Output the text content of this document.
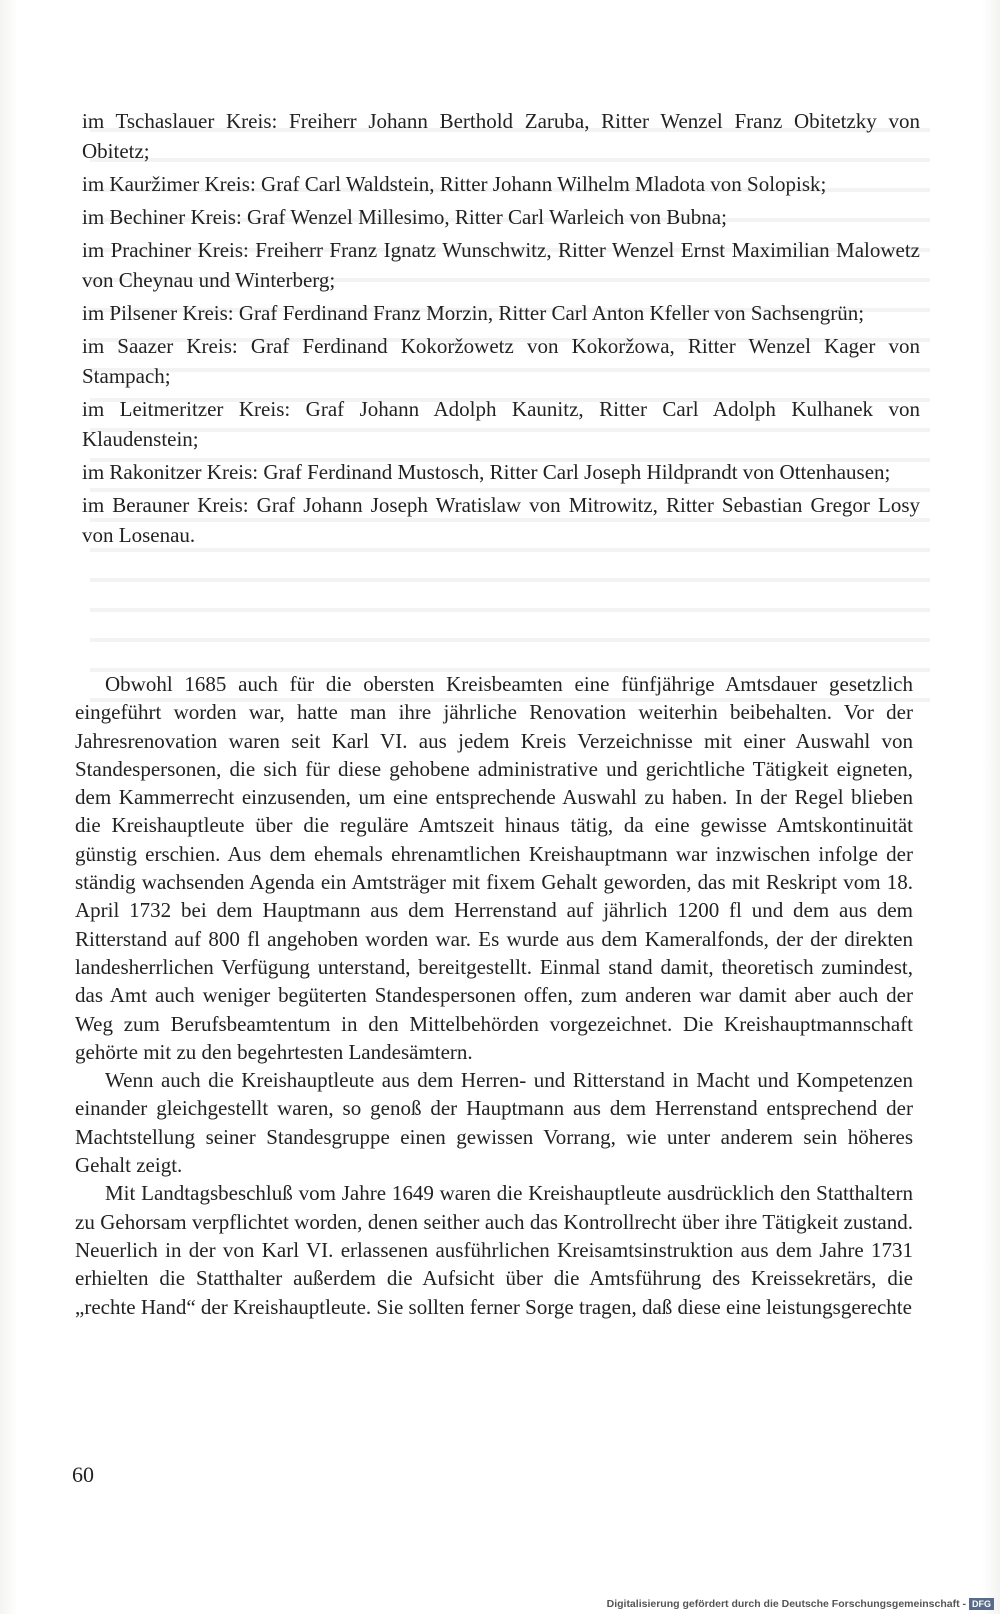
im Tschaslauer Kreis: Freiherr Johann Berthold Zaruba, Ritter Wenzel Franz Obitetzky von Obitetz;

im Kauržimer Kreis: Graf Carl Waldstein, Ritter Johann Wilhelm Mladota von Solopisk;

im Bechiner Kreis: Graf Wenzel Millesimo, Ritter Carl Warleich von Bubna;

im Prachiner Kreis: Freiherr Franz Ignatz Wunschwitz, Ritter Wenzel Ernst Maximilian Malowetz von Cheynau und Winterberg;

im Pilsener Kreis: Graf Ferdinand Franz Morzin, Ritter Carl Anton Kfeller von Sachsengrün;

im Saazer Kreis: Graf Ferdinand Kokoržowetz von Kokoržowa, Ritter Wenzel Kager von Stampach;

im Leitmeritzer Kreis: Graf Johann Adolph Kaunitz, Ritter Carl Adolph Kulhanek von Klaudenstein;

im Rakonitzer Kreis: Graf Ferdinand Mustosch, Ritter Carl Joseph Hildprandt von Ottenhausen;

im Berauner Kreis: Graf Johann Joseph Wratislaw von Mitrowitz, Ritter Sebastian Gregor Losy von Losenau.

Obwohl 1685 auch für die obersten Kreisbeamten eine fünfjährige Amtsdauer gesetzlich eingeführt worden war, hatte man ihre jährliche Renovation weiterhin beibehalten. Vor der Jahresrenovation waren seit Karl VI. aus jedem Kreis Verzeichnisse mit einer Auswahl von Standespersonen, die sich für diese gehobene administrative und gerichtliche Tätigkeit eigneten, dem Kammerrecht einzusenden, um eine entsprechende Auswahl zu haben. In der Regel blieben die Kreishauptleute über die reguläre Amtszeit hinaus tätig, da eine gewisse Amtskontinuität günstig erschien. Aus dem ehemals ehrenamtlichen Kreishauptmann war inzwischen infolge der ständig wachsenden Agenda ein Amtsträger mit fixem Gehalt geworden, das mit Reskript vom 18. April 1732 bei dem Hauptmann aus dem Herrenstand auf jährlich 1200 fl und dem aus dem Ritterstand auf 800 fl angehoben worden war. Es wurde aus dem Kameralfonds, der der direkten landesherrlichen Verfügung unterstand, bereitgestellt. Einmal stand damit, theoretisch zumindest, das Amt auch weniger begüterten Standespersonen offen, zum anderen war damit aber auch der Weg zum Berufsbeamtentum in den Mittelbehörden vorgezeichnet. Die Kreishauptmannschaft gehörte mit zu den begehrtesten Landesämtern.

Wenn auch die Kreishauptleute aus dem Herren- und Ritterstand in Macht und Kompetenzen einander gleichgestellt waren, so genoß der Hauptmann aus dem Herrenstand entsprechend der Machtstellung seiner Standesgruppe einen gewissen Vorrang, wie unter anderem sein höheres Gehalt zeigt.

Mit Landtagsbeschluß vom Jahre 1649 waren die Kreishauptleute ausdrücklich den Statthaltern zu Gehorsam verpflichtet worden, denen seither auch das Kontrollrecht über ihre Tätigkeit zustand. Neuerlich in der von Karl VI. erlassenen ausführlichen Kreisamtsinstruktion aus dem Jahre 1731 erhielten die Statthalter außerdem die Aufsicht über die Amtsführung des Kreissekretärs, die „rechte Hand“ der Kreishauptleute. Sie sollten ferner Sorge tragen, daß diese eine leistungsgerechte

60
Digitalisierung gefördert durch die Deutsche Forschungsgemeinschaft - DFG
